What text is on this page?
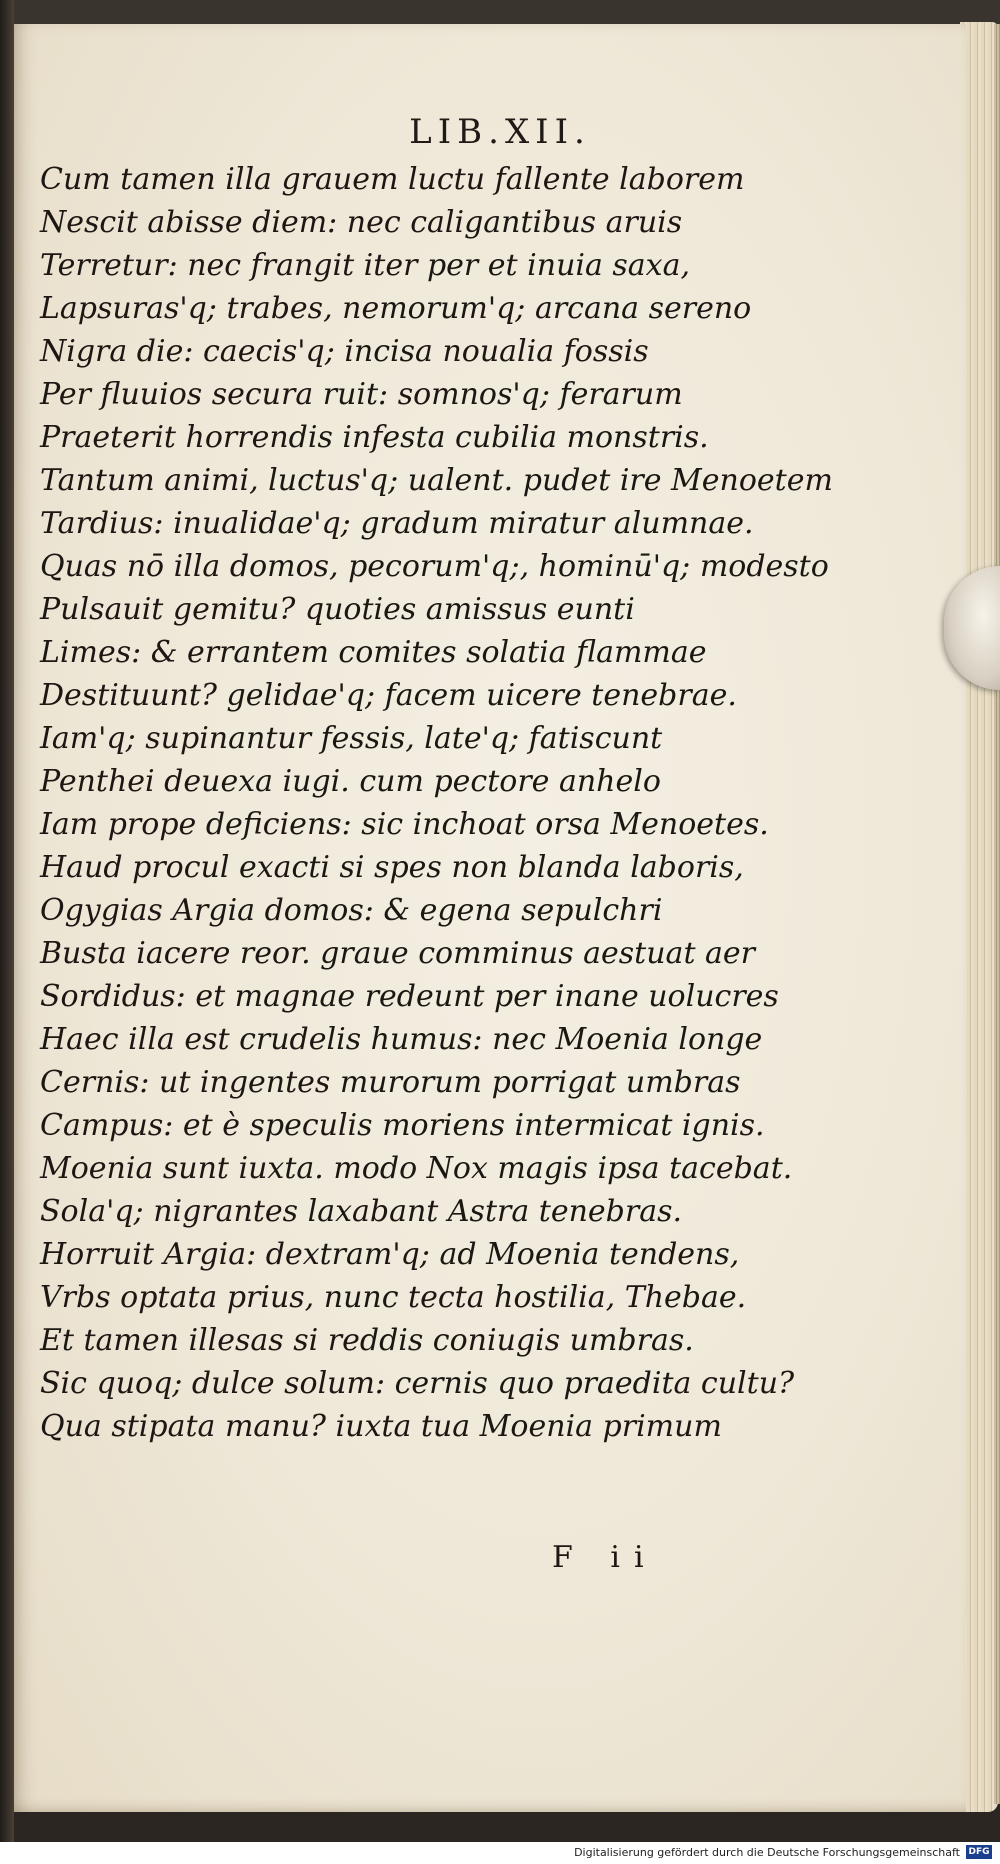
LIB.XII.
Cum tamen illa grauem luctu fallente laborem
Nescit abisse diem: nec caligantibus aruis
Terretur: nec frangit iter per et inuia saxa,
Lapsuras'q; trabes, nemorum'q; arcana sereno
Nigra die: caecis'q; incisa noualia fossis
Per fluuios secura ruit: somnos'q; ferarum
Praeterit horrendis infesta cubilia monstris.
Tantum animi, luctus'q; ualent. pudet ire Menoetem
Tardius: inualidae'q; gradum miratur alumnae.
Quas nō illa domos, pecorum'q;, hominū'q; modesto
Pulsauit gemitu? quoties amissus eunti
Limes: & errantem comites solatia flammae
Destituunt? gelidae'q; facem uicere tenebrae.
Iam'q; supinantur fessis, late'q; fatiscunt
Penthei deuexa iugi. cum pectore anhelo
Iam prope deficiens: sic inchoat orsa Menoetes.
Haud procul exacti si spes non blanda laboris,
Ogygias Argia domos: & egena sepulchri
Busta iacere reor. graue comminus aestuat aer
Sordidus: et magnae redeunt per inane uolucres
Haec illa est crudelis humus: nec Moenia longe
Cernis: ut ingentes murorum porrigat umbras
Campus: et è speculis moriens intermicat ignis.
Moenia sunt iuxta. modo Nox magis ipsa tacebat.
Sola'q; nigrantes laxabant Astra tenebras.
Horruit Argia: dextram'q; ad Moenia tendens,
Vrbs optata prius, nunc tecta hostilia, Thebae.
Et tamen illesas si reddis coniugis umbras.
Sic quoq; dulce solum: cernis quo praedita cultu?
Qua stipata manu? iuxta tua Moenia primum
F ii
Digitalisierung gefördert durch die Deutsche Forschungsgemeinschaft DFG
